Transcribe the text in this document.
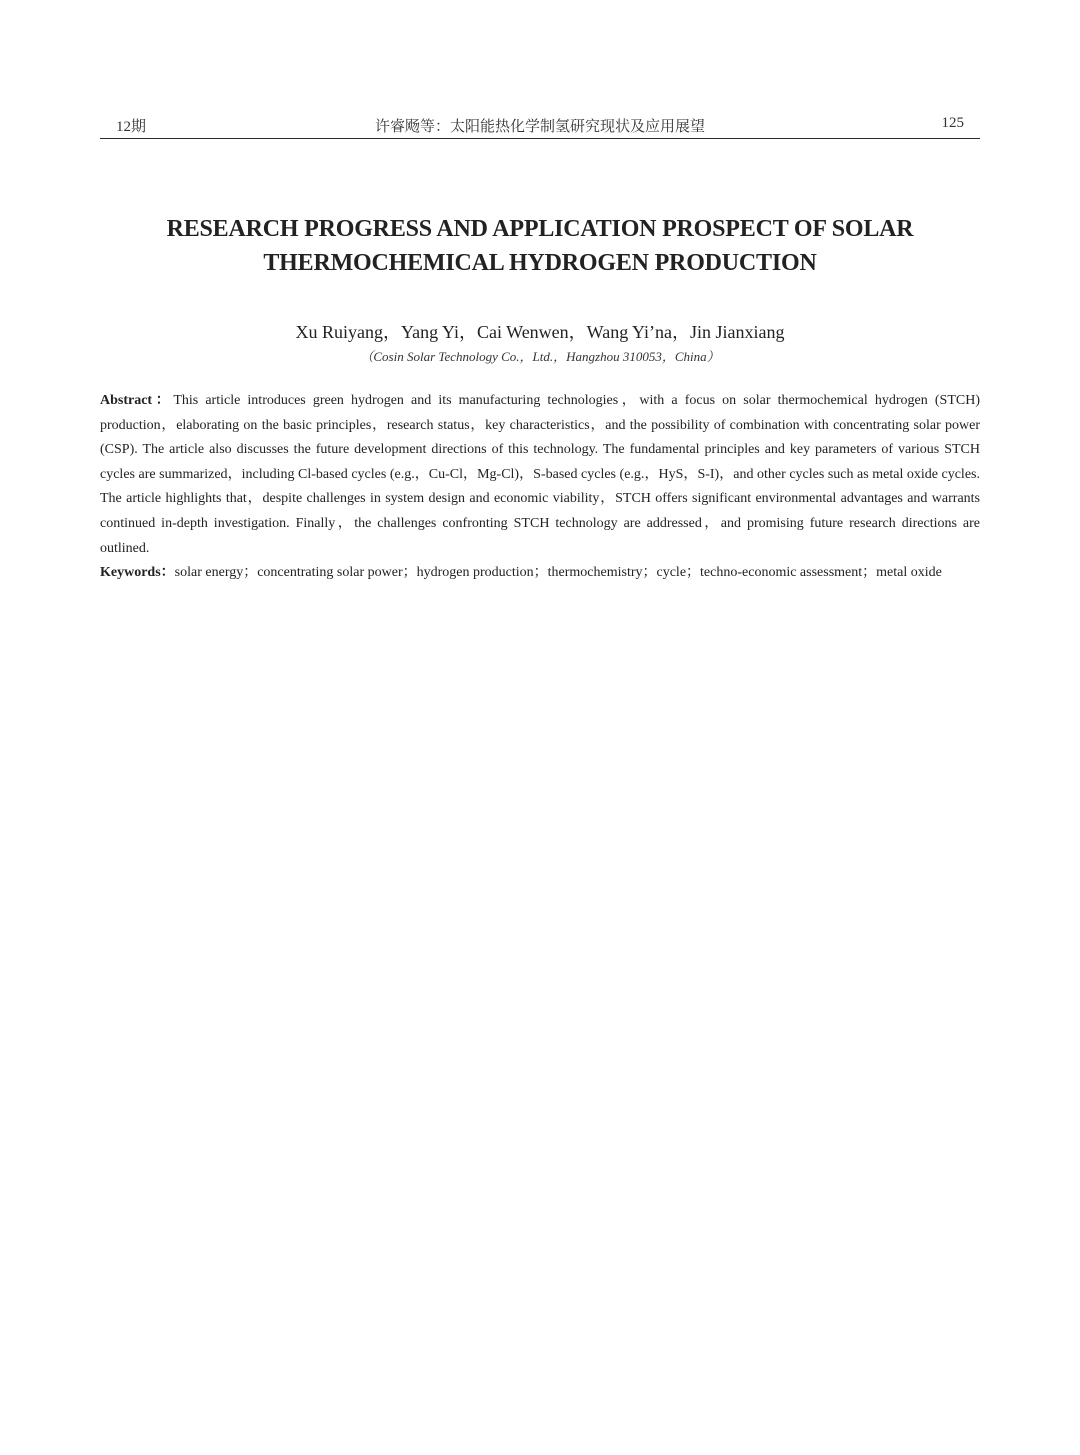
12期	许睿飏等：太阳能热化学制氢研究现状及应用展望	125
RESEARCH PROGRESS AND APPLICATION PROSPECT OF SOLAR
THERMOCHEMICAL HYDROGEN PRODUCTION
Xu Ruiyang，Yang Yi，Cai Wenwen，Wang Yi’na，Jin Jianxiang
（Cosin Solar Technology Co.，Ltd.，Hangzhou 310053，China）

Abstract：This article introduces green hydrogen and its manufacturing technologies，with a focus on solar thermochemical hydrogen (STCH) production，elaborating on the basic principles，research status，key characteristics，and the possibility of combination with concentrating solar power (CSP). The article also discusses the future development directions of this technology. The fundamental principles and key parameters of various STCH cycles are summarized，including Cl-based cycles (e.g.，Cu-Cl，Mg-Cl)，S-based cycles (e.g.，HyS，S-I)，and other cycles such as metal oxide cycles. The article highlights that，despite challenges in system design and economic viability，STCH offers significant environmental advantages and warrants continued in-depth investigation. Finally，the challenges confronting STCH technology are addressed，and promising future research directions are outlined.

Keywords：solar energy；concentrating solar power；hydrogen production；thermochemistry；cycle；techno-economic assessment；metal oxide
